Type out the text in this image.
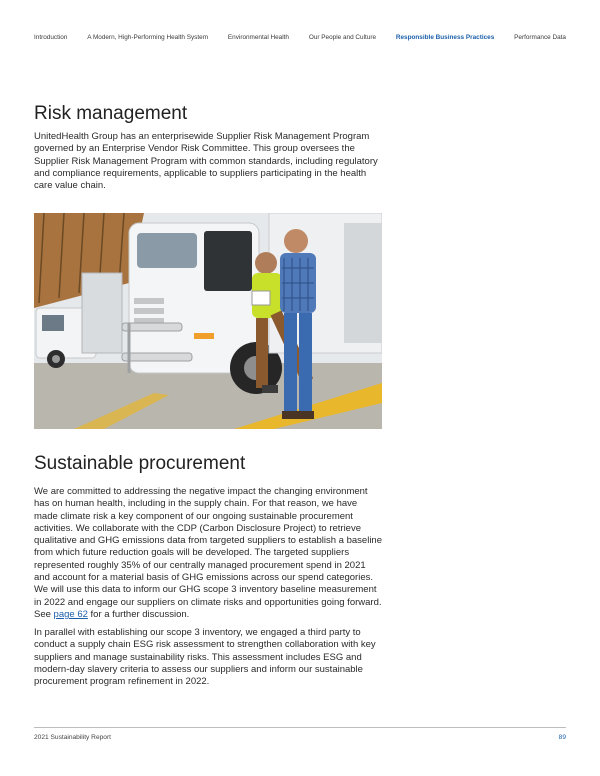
Introduction	A Modern, High-Performing Health System	Environmental Health	Our People and Culture	Responsible Business Practices	Performance Data
Risk management

UnitedHealth Group has an enterprisewide Supplier Risk Management Program governed by an Enterprise Vendor Risk Committee. This group oversees the Supplier Risk Management Program with common standards, including regulatory and compliance requirements, applicable to suppliers participating in the health care value chain.

Sustainable procurement

We are committed to addressing the negative impact the changing environment has on human health, including in the supply chain. For that reason, we have made climate risk a key component of our ongoing sustainable procurement activities. We collaborate with the CDP (Carbon Disclosure Project) to retrieve qualitative and GHG emissions data from targeted suppliers to establish a baseline from which future reduction goals will be developed. The targeted suppliers represented roughly 35% of our centrally managed procurement spend in 2021 and account for a material basis of GHG emissions across our spend categories. We will use this data to inform our GHG scope 3 inventory baseline measurement in 2022 and engage our suppliers on climate risks and opportunities going forward. See page 62 for a further discussion.

In parallel with establishing our scope 3 inventory, we engaged a third party to conduct a supply chain ESG risk assessment to strengthen collaboration with key suppliers and manage sustainability risks. This assessment includes ESG and modern-day slavery criteria to assess our suppliers and inform our sustainable procurement program refinement in 2022.

2021 Sustainability Report	89
